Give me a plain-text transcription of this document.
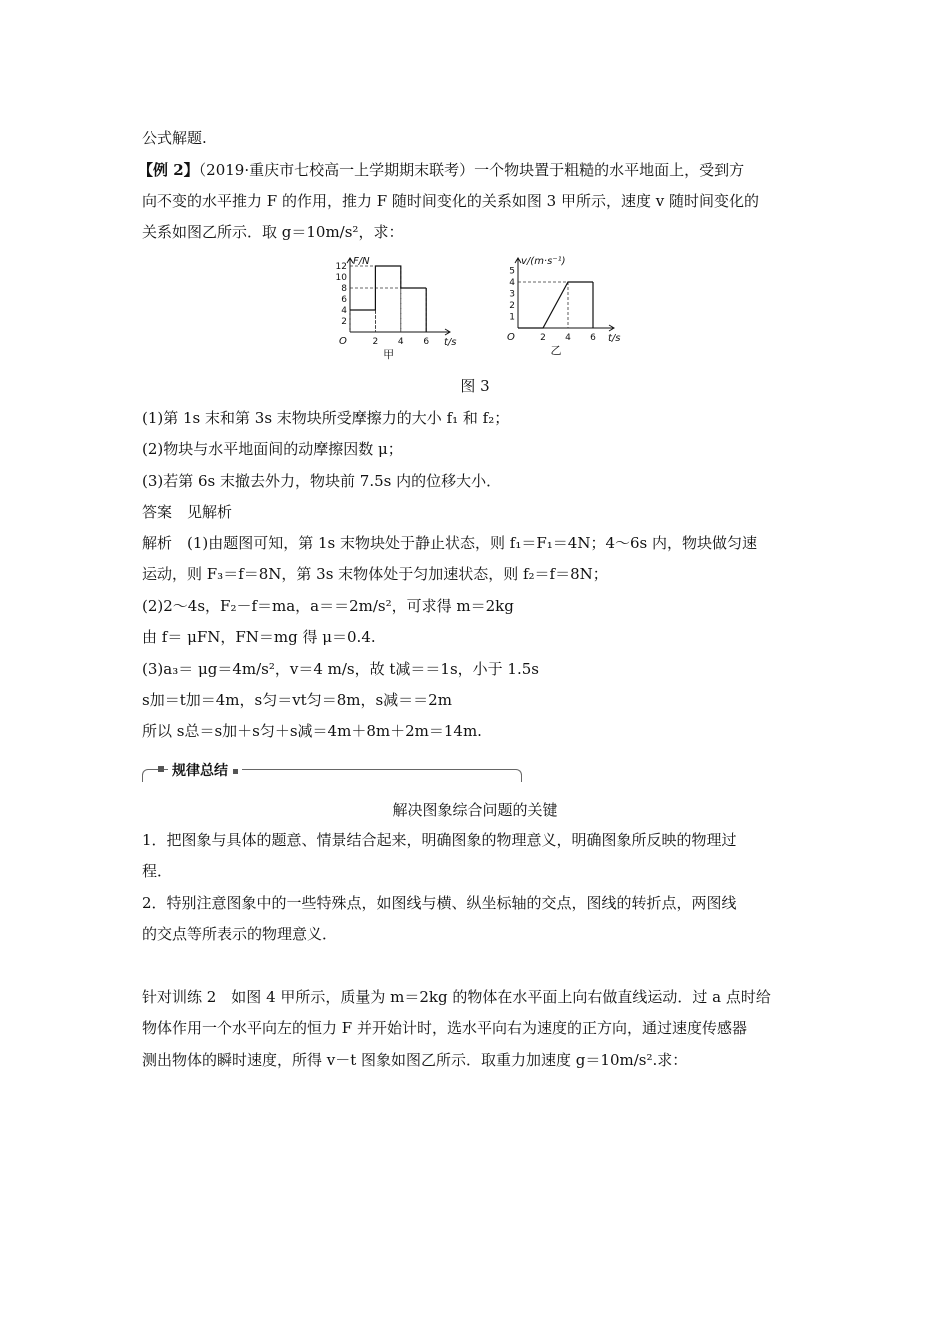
公式解题.
【例 2】（2019·重庆市七校高一上学期期末联考）一个物块置于粗糙的水平地面上，受到方
向不变的水平推力 F 的作用，推力 F 随时间变化的关系如图 3 甲所示，速度 v 随时间变化的
关系如图乙所示．取 g＝10m/s²，求：
F/N
t/s
O
甲
2
4
6
8
10
12
2 4 6
v/(m·s⁻¹)
t/s
O
乙
1
2
3
4
5
2 4 6
图 3
(1)第 1s 末和第 3s 末物块所受摩擦力的大小 f₁ 和 f₂；
(2)物块与水平地面间的动摩擦因数 μ；
(3)若第 6s 末撤去外力，物块前 7.5s 内的位移大小．
答案　见解析
解析　(1)由题图可知，第 1s 末物块处于静止状态，则 f₁＝F₁＝4N；4～6s 内，物块做匀速
运动，则 F₃＝f＝8N，第 3s 末物体处于匀加速状态，则 f₂＝f＝8N；
(2)2～4s，F₂－f＝ma，a＝＝2m/s²，可求得 m＝2kg
由 f＝ μFN，FN＝mg 得 μ＝0.4.
(3)a₃＝ μg＝4m/s²，v＝4 m/s，故 t减＝＝1s，小于 1.5s
s加＝t加＝4m，s匀＝vt匀＝8m，s减＝＝2m
所以 s总＝s加＋s匀＋s减＝4m＋8m＋2m＝14m.
规律总结
解决图象综合问题的关键
1．把图象与具体的题意、情景结合起来，明确图象的物理意义，明确图象所反映的物理过
程．
2．特别注意图象中的一些特殊点，如图线与横、纵坐标轴的交点，图线的转折点，两图线
的交点等所表示的物理意义．
针对训练 2　如图 4 甲所示，质量为 m＝2kg 的物体在水平面上向右做直线运动．过 a 点时给
物体作用一个水平向左的恒力 F 并开始计时，选水平向右为速度的正方向，通过速度传感器
测出物体的瞬时速度，所得 v－t 图象如图乙所示．取重力加速度 g＝10m/s².求：
